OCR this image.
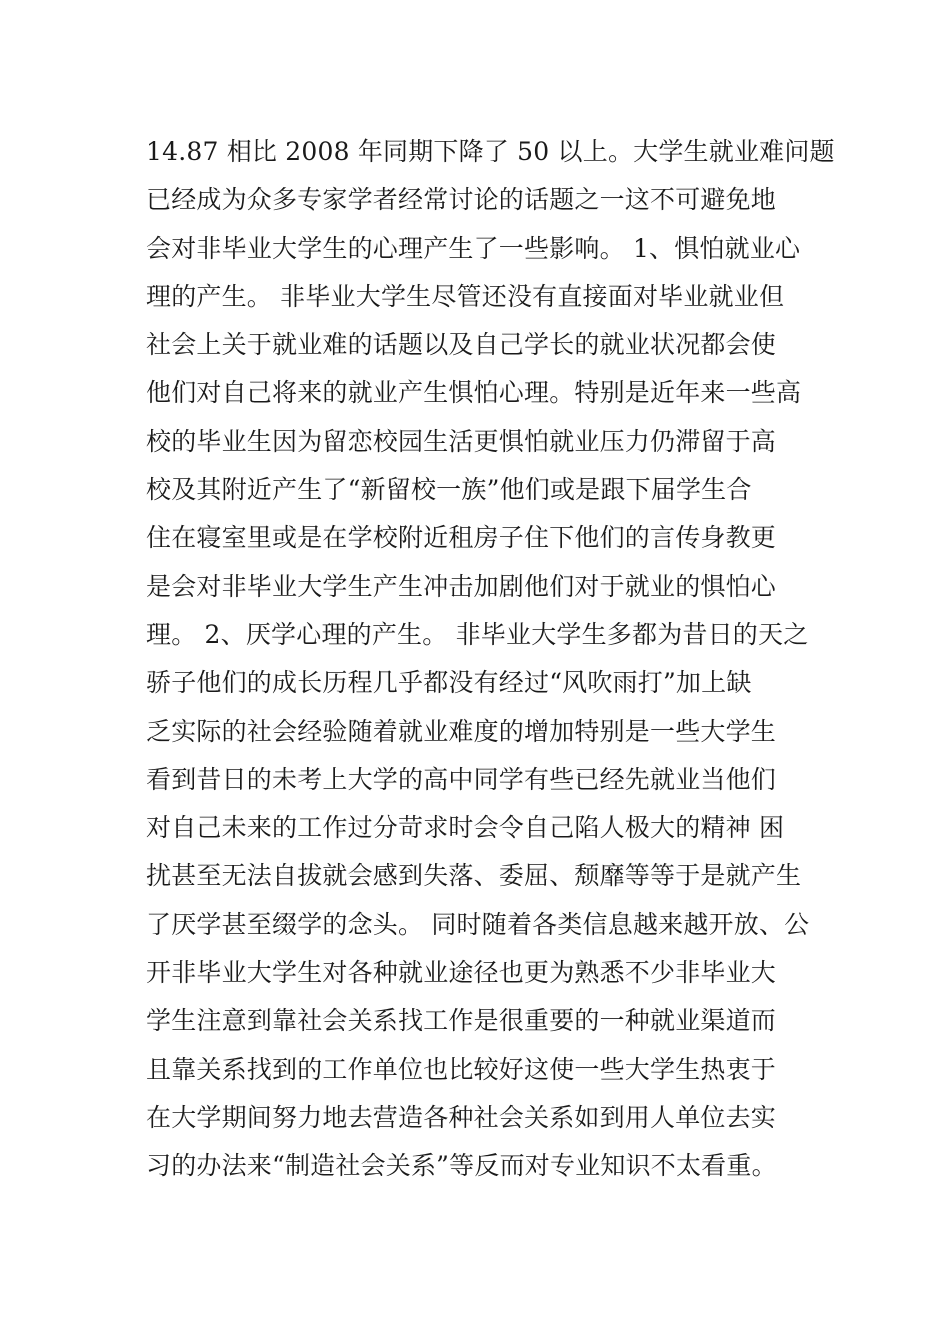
14.87 相比 2008 年同期下降了 50 以上。大学生就业难问题
已经成为众多专家学者经常讨论的话题之一这不可避免地
会对非毕业大学生的心理产生了一些影响。 1、惧怕就业心
理的产生。 非毕业大学生尽管还没有直接面对毕业就业但
社会上关于就业难的话题以及自己学长的就业状况都会使
他们对自己将来的就业产生惧怕心理。特别是近年来一些高
校的毕业生因为留恋校园生活更惧怕就业压力仍滞留于高
校及其附近产生了“新留校一族”他们或是跟下届学生合
住在寝室里或是在学校附近租房子住下他们的言传身教更
是会对非毕业大学生产生冲击加剧他们对于就业的惧怕心
理。 2、厌学心理的产生。 非毕业大学生多都为昔日的天之
骄子他们的成长历程几乎都没有经过“风吹雨打”加上缺
乏实际的社会经验随着就业难度的增加特别是一些大学生
看到昔日的未考上大学的高中同学有些已经先就业当他们
对自己未来的工作过分苛求时会令自己陷人极大的精神 困
扰甚至无法自拔就会感到失落、委屈、颓靡等等于是就产生
了厌学甚至缀学的念头。 同时随着各类信息越来越开放、公
开非毕业大学生对各种就业途径也更为熟悉不少非毕业大
学生注意到靠社会关系找工作是很重要的一种就业渠道而
且靠关系找到的工作单位也比较好这使一些大学生热衷于
在大学期间努力地去营造各种社会关系如到用人单位去实
习的办法来“制造社会关系”等反而对专业知识不太看重。
